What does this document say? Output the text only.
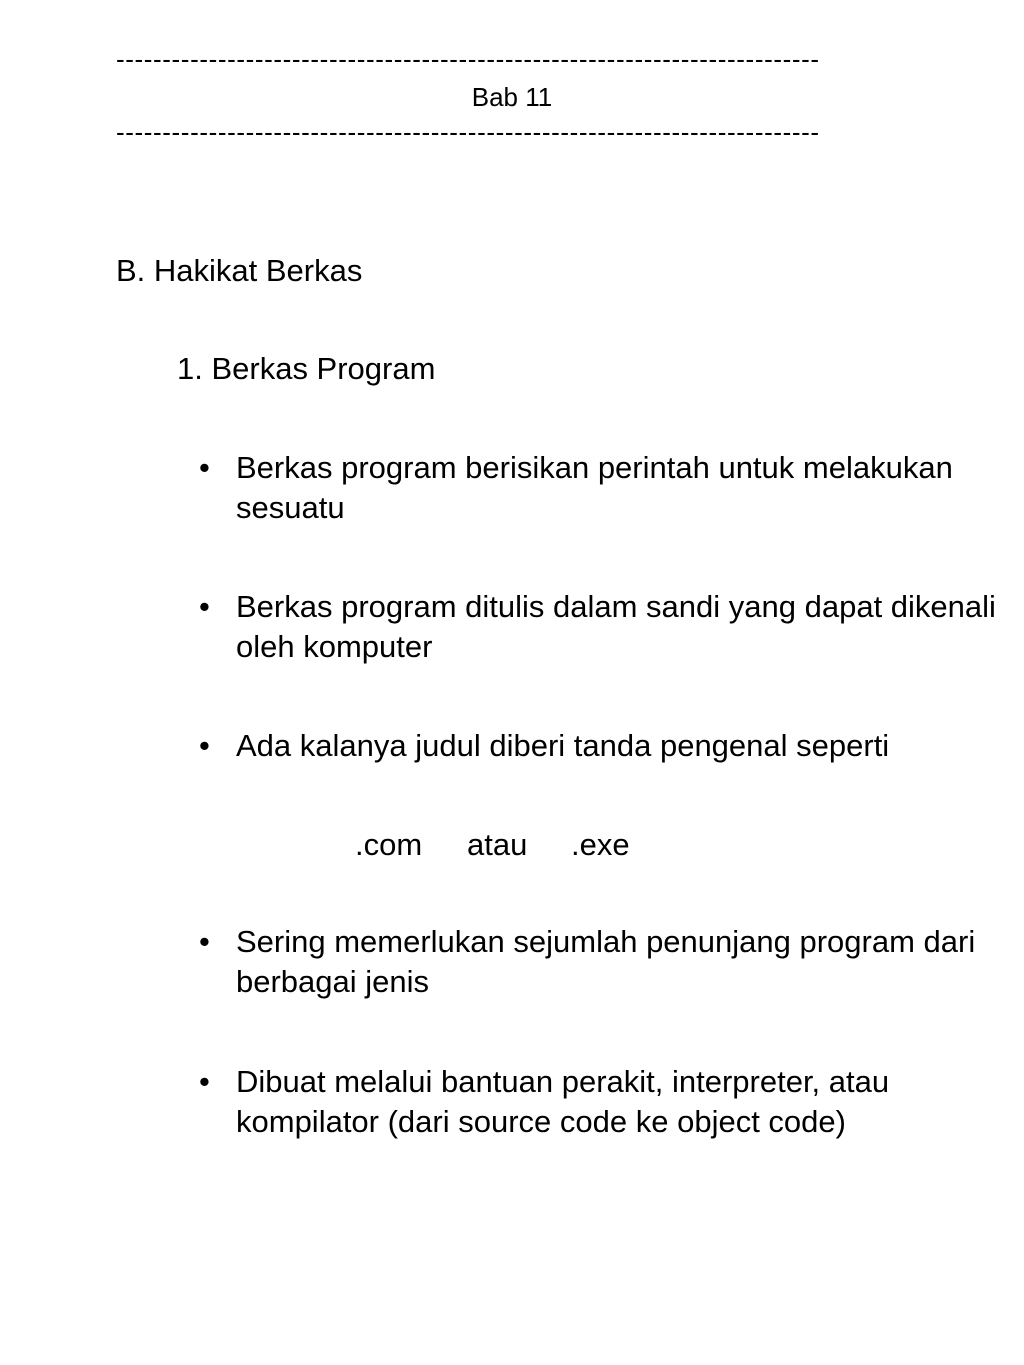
----------------------------------------------------------------------------
Bab 11
----------------------------------------------------------------------------
B. Hakikat Berkas
1. Berkas Program
• Berkas program berisikan perintah untuk melakukan sesuatu
• Berkas program ditulis dalam sandi yang dapat dikenali oleh komputer
• Ada kalanya judul diberi tanda pengenal seperti
.com atau .exe
• Sering memerlukan sejumlah penunjang program dari berbagai jenis
• Dibuat melalui bantuan perakit, interpreter, atau kompilator (dari source code ke object code)
